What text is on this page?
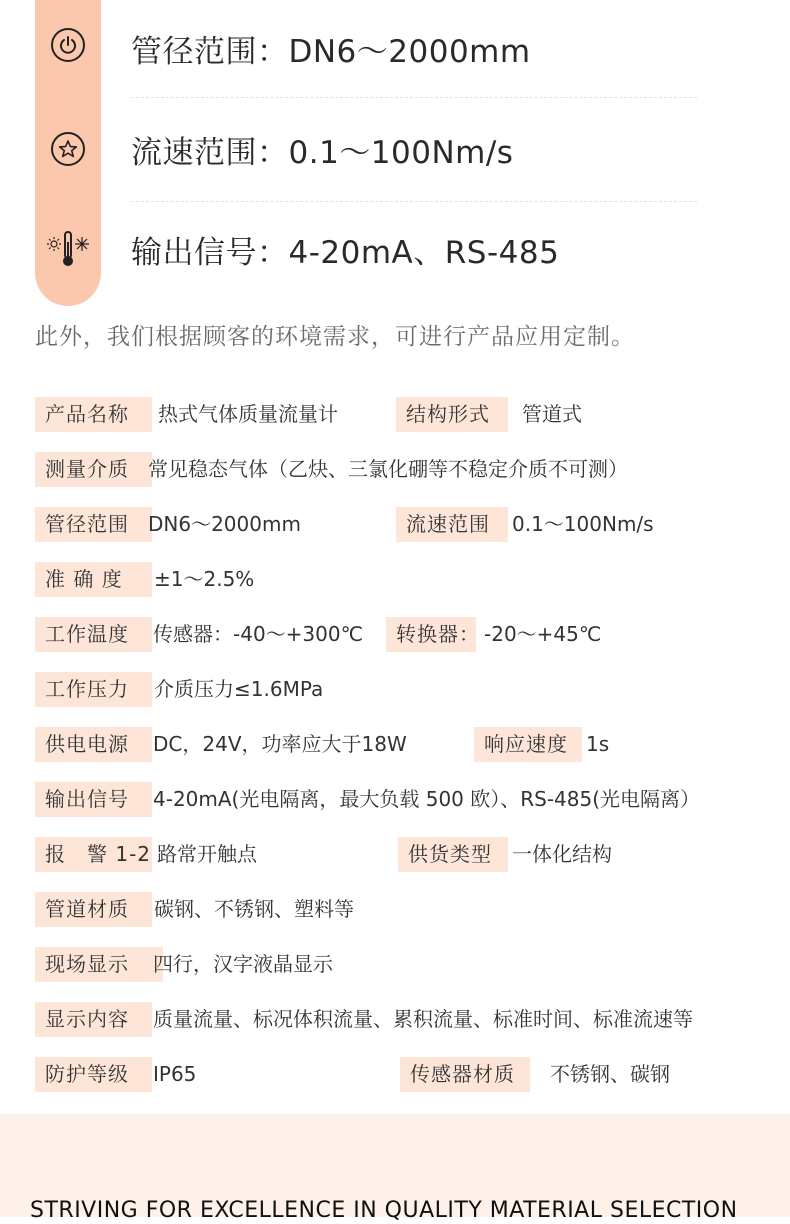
管径范围：DN6～2000mm
流速范围：0.1～100Nm/s
输出信号：4-20mA、RS-485
此外，我们根据顾客的环境需求，可进行产品应用定制。
产品名称	热式气体质量流量计	结构形式	管道式
测量介质 常见稳态气体（乙炔、三氯化硼等不稳定介质不可测）
管径范围 DN6～2000mm	流速范围	0.1～100Nm/s
准 确 度	±1～2.5%
工作温度	传感器：-40～+300℃	转换器： -20～+45℃
工作压力	介质压力≤1.6MPa
供电电源	DC，24V，功率应大于18W	响应速度 1s
输出信号	4-20mA(光电隔离，最大负载 500 欧）、RS-485(光电隔离）
报　警 1-2 路常开触点	供货类型	一体化结构
管道材质	碳钢、不锈钢、塑料等
现场显示	四行，汉字液晶显示
显示内容	质量流量、标况体积流量、累积流量、标准时间、标准流速等
防护等级	IP65	传感器材质	不锈钢、碳钢
STRIVING FOR EXCELLENCE IN QUALITY MATERIAL SELECTION
